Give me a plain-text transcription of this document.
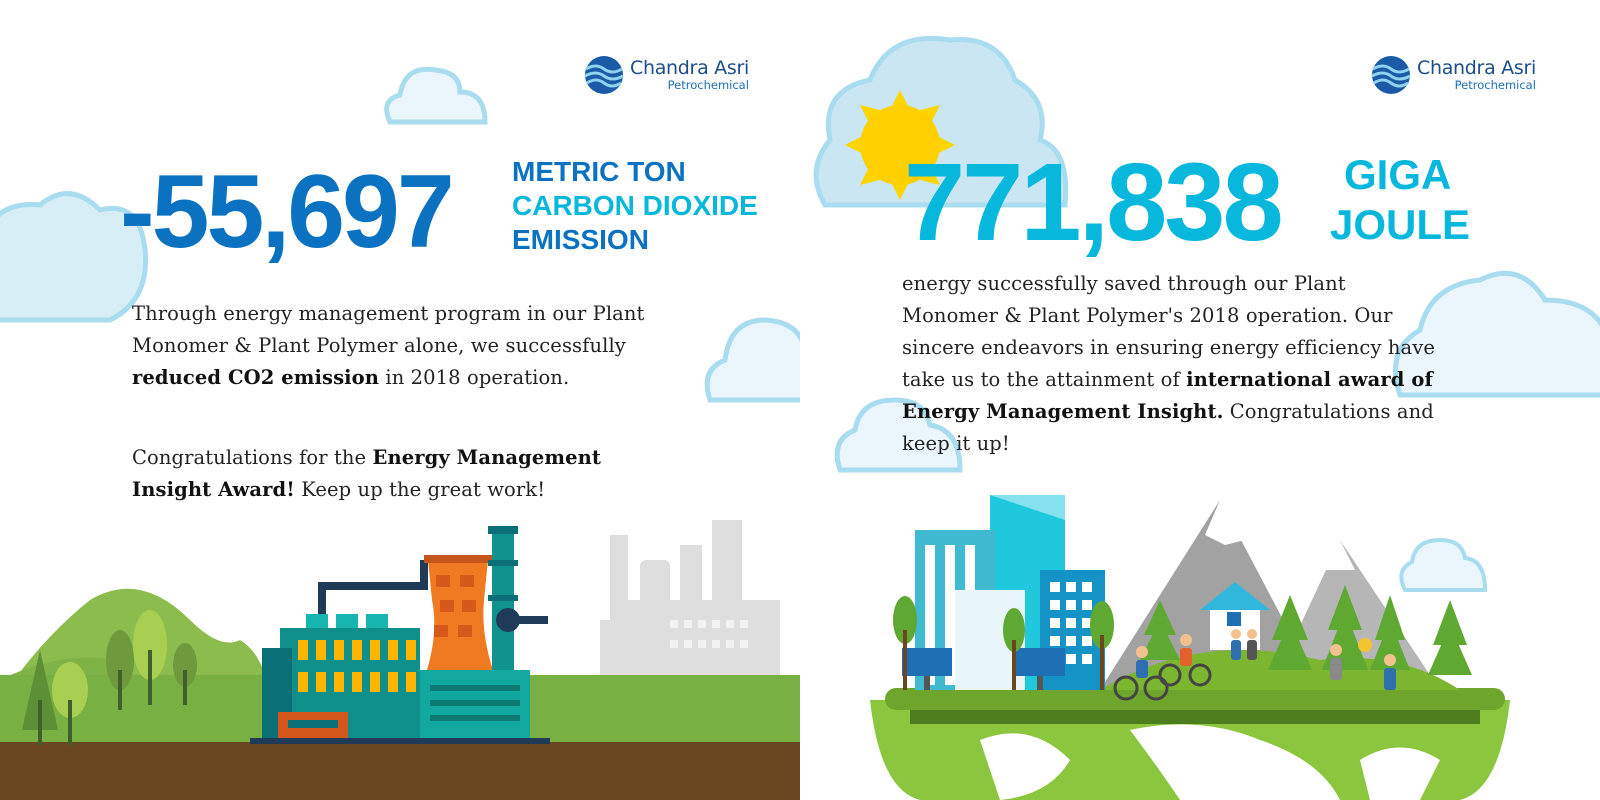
Chandra Asri
Petrochemical
-55,697 METRIC TON
CARBON DIOXIDE
EMISSION

Through energy management program in our Plant Monomer & Plant Polymer alone, we successfully reduced CO2 emission in 2018 operation.

Congratulations for the Energy Management Insight Award! Keep up the great work!

Chandra Asri
Petrochemical
771,838	GIGA
JOULE

energy successfully saved through our Plant Monomer & Plant Polymer's 2018 operation. Our sincere endeavors in ensuring energy efficiency have take us to the attainment of international award of Energy Management Insight. Congratulations and keep it up!
